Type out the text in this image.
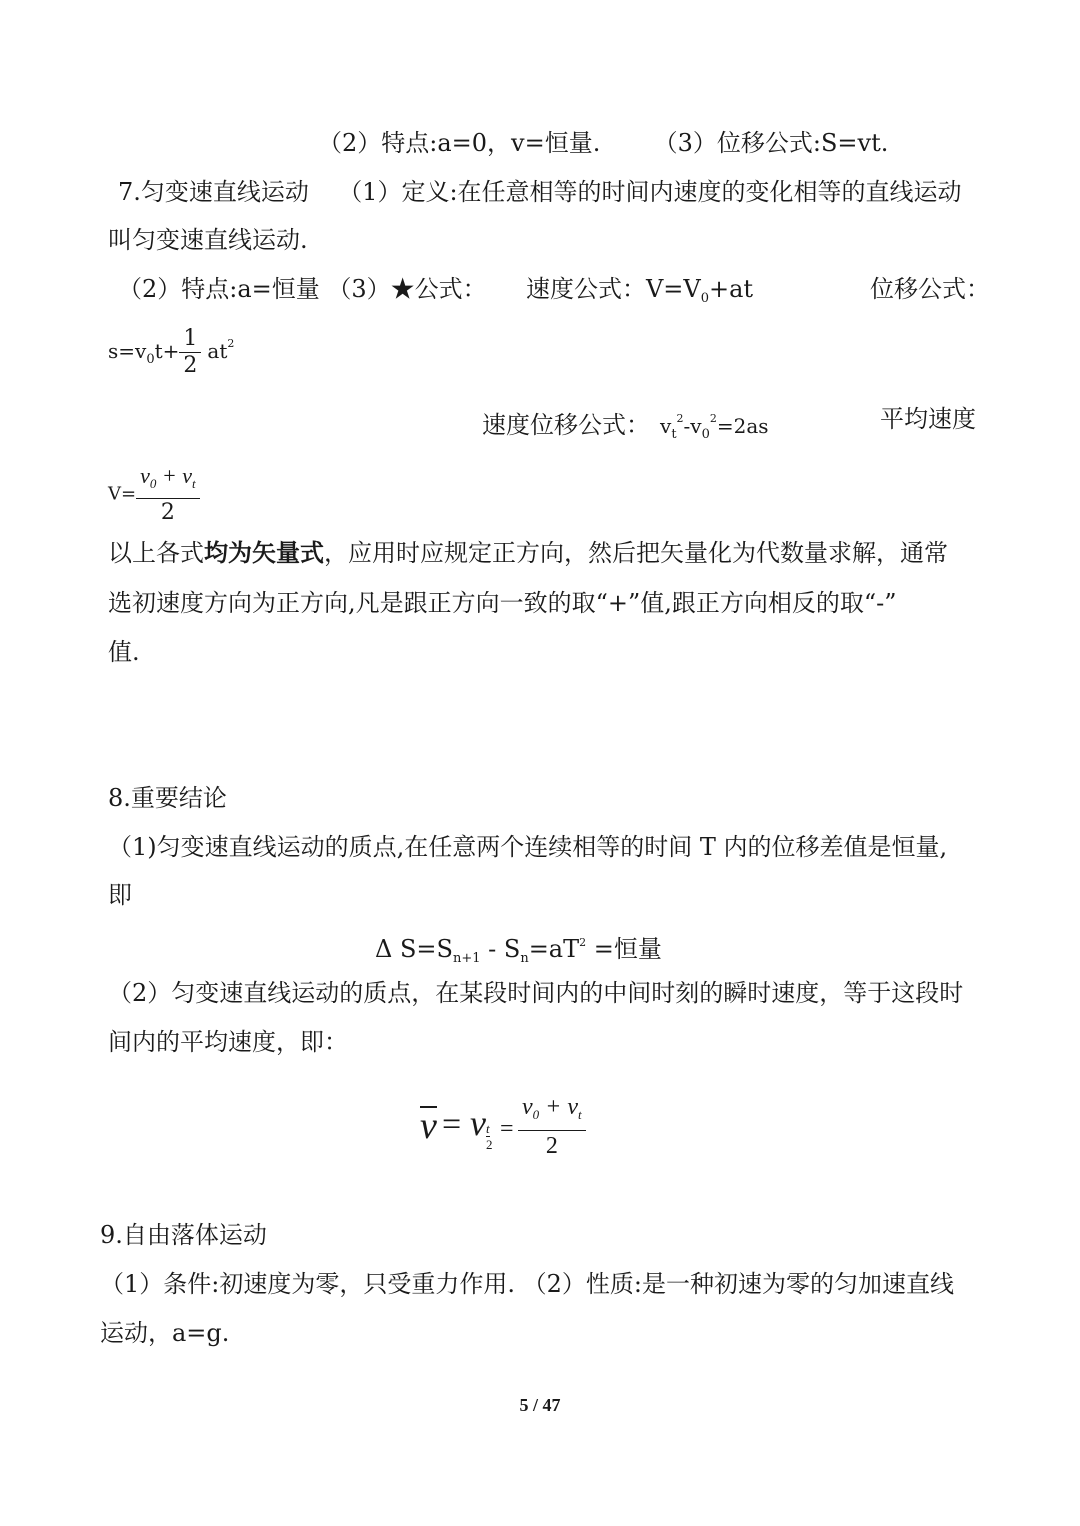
（2）特点:a=0，v=恒量. （3）位移公式:S=vt.
7.匀变速直线运动 （1）定义:在任意相等的时间内速度的变化相等的直线运动
叫匀变速直线运动.
（2）特点:a=恒量 （3）★公式： 速度公式：$V=V_0+at$	位移公式：
$s=v_0t+ \frac{1}{2} at^2$
速度位移公式： $v_t^2-v_0^2=2as$	平均速度
$V= \frac{v_0 + v_t}{2}$
以上各式均为矢量式，应用时应规定正方向，然后把矢量化为代数量求解，通常
选初速度方向为正方向,凡是跟正方向一致的取“+”值,跟正方向相反的取“-”
值.
8.重要结论
（1)匀变速直线运动的质点,在任意两个连续相等的时间 T 内的位移差值是恒量,
即
Δ $S=S_{n+1} - S_n=aT^2$ =恒量
（2）匀变速直线运动的质点，在某段时间内的中间时刻的瞬时速度，等于这段时
间内的平均速度，即：
v = v t
2
= $\frac{v_0 + v_t}{2}$
9.自由落体运动
（1）条件:初速度为零，只受重力作用. （2）性质:是一种初速为零的匀加速直线
运动，a=g.
5 / 47
